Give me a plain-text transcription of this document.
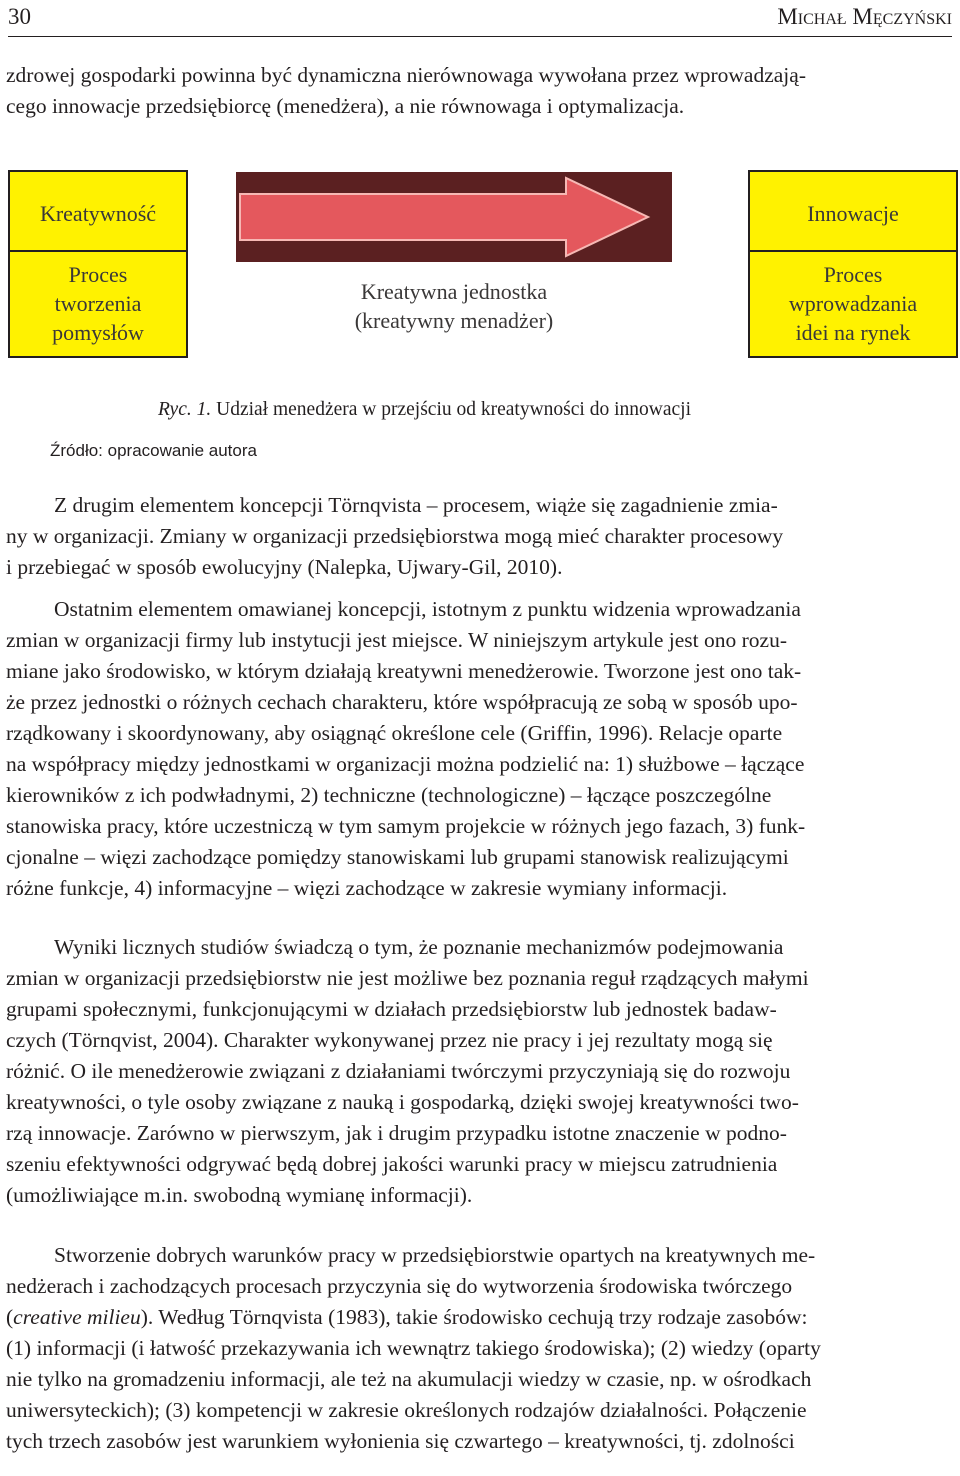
30	Michał Męczyński
zdrowej gospodarki powinna być dynamiczna nierównowaga wywołana przez wprowadzają-
cego innowacje przedsiębiorcę (menedżera), a nie równowaga i optymalizacja.
Kreatywność
Proces
tworzenia
pomysłów
Kreatywna jednostka
(kreatywny menadżer)
Innowacje
Proces
wprowadzania
idei na rynek
Ryc. 1. Udział menedżera w przejściu od kreatywności do innowacji
Źródło: opracowanie autora
Z drugim elementem koncepcji Törnqvista – procesem, wiąże się zagadnienie zmia-
ny w organizacji. Zmiany w organizacji przedsiębiorstwa mogą mieć charakter procesowy
i przebiegać w sposób ewolucyjny (Nalepka, Ujwary-Gil, 2010).
Ostatnim elementem omawianej koncepcji, istotnym z punktu widzenia wprowadzania
zmian w organizacji firmy lub instytucji jest miejsce. W niniejszym artykule jest ono rozu-
miane jako środowisko, w którym działają kreatywni menedżerowie. Tworzone jest ono tak-
że przez jednostki o różnych cechach charakteru, które współpracują ze sobą w sposób upo-
rządkowany i skoordynowany, aby osiągnąć określone cele (Griffin, 1996). Relacje oparte
na współpracy między jednostkami w organizacji można podzielić na: 1) służbowe – łączące
kierowników z ich podwładnymi, 2) techniczne (technologiczne) – łączące poszczególne
stanowiska pracy, które uczestniczą w tym samym projekcie w różnych jego fazach, 3) funk-
cjonalne – więzi zachodzące pomiędzy stanowiskami lub grupami stanowisk realizującymi
różne funkcje, 4) informacyjne – więzi zachodzące w zakresie wymiany informacji.
Wyniki licznych studiów świadczą o tym, że poznanie mechanizmów podejmowania
zmian w organizacji przedsiębiorstw nie jest możliwe bez poznania reguł rządzących małymi
grupami społecznymi, funkcjonującymi w działach przedsiębiorstw lub jednostek badaw-
czych (Törnqvist, 2004). Charakter wykonywanej przez nie pracy i jej rezultaty mogą się
różnić. O ile menedżerowie związani z działaniami twórczymi przyczyniają się do rozwoju
kreatywności, o tyle osoby związane z nauką i gospodarką, dzięki swojej kreatywności two-
rzą innowacje. Zarówno w pierwszym, jak i drugim przypadku istotne znaczenie w podno-
szeniu efektywności odgrywać będą dobrej jakości warunki pracy w miejscu zatrudnienia
(umożliwiające m.in. swobodną wymianę informacji).
Stworzenie dobrych warunków pracy w przedsiębiorstwie opartych na kreatywnych me-
nedżerach i zachodzących procesach przyczynia się do wytworzenia środowiska twórczego
(creative milieu). Według Törnqvista (1983), takie środowisko cechują trzy rodzaje zasobów:
(1) informacji (i łatwość przekazywania ich wewnątrz takiego środowiska); (2) wiedzy (oparty
nie tylko na gromadzeniu informacji, ale też na akumulacji wiedzy w czasie, np. w ośrodkach
uniwersyteckich); (3) kompetencji w zakresie określonych rodzajów działalności. Połączenie
tych trzech zasobów jest warunkiem wyłonienia się czwartego – kreatywności, tj. zdolności
